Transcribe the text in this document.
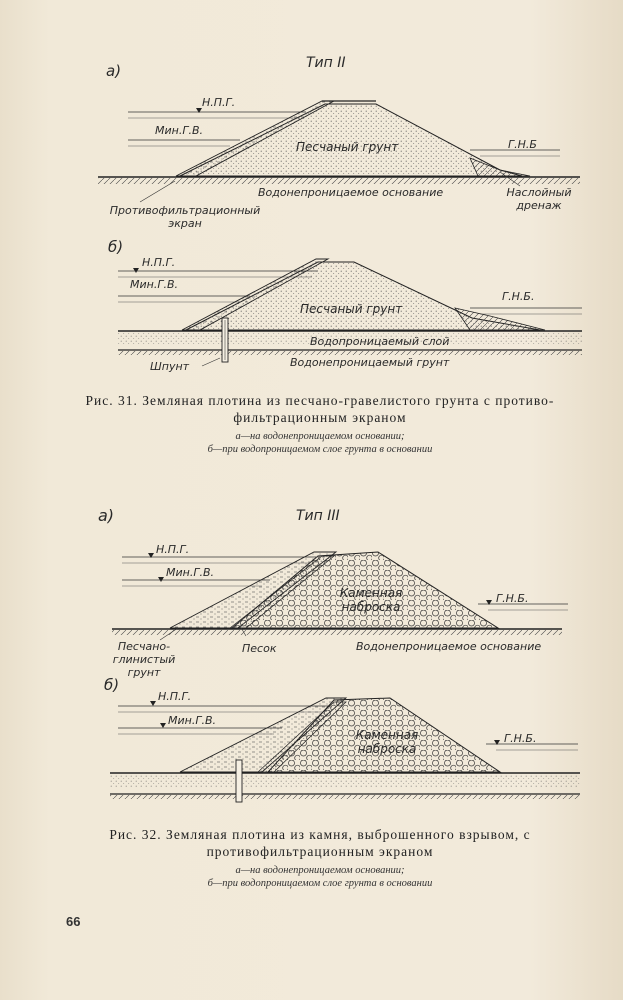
а)	Тип II
Н.П.Г.
Мин.Г.В.
Песчаный грунт	Г.Н.Б
Водонепроницаемое основание
Противофильтрационный экран
Наслойный дренаж
б)
Н.П.Г.
Мин.Г.В.
Песчаный грунт
Г.Н.Б.
Водопроницаемый слой
Водонепроницаемый грунт
Шпунт
Рис. 31. Земляная плотина из песчано-гравелистого грунта с противо-
фильтрационным экраном
а—на водонепроницаемом основании;
б—при водопроницаемом слое грунта в основании
а)	Тип III
Н.П.Г.
Мин.Г.В.
Каменная наброска
Г.Н.Б.
Песчано-глинистый грунт
Песок	Водонепроницаемое основание
б)
Н.П.Г.
Мин.Г.В.
Каменная наброска
Г.Н.Б.
Рис. 32. Земляная плотина из камня, выброшенного взрывом, с
противофильтрационным экраном
а—на водонепроницаемом основании;
б—при водопроницаемом слое грунта в основании
66
